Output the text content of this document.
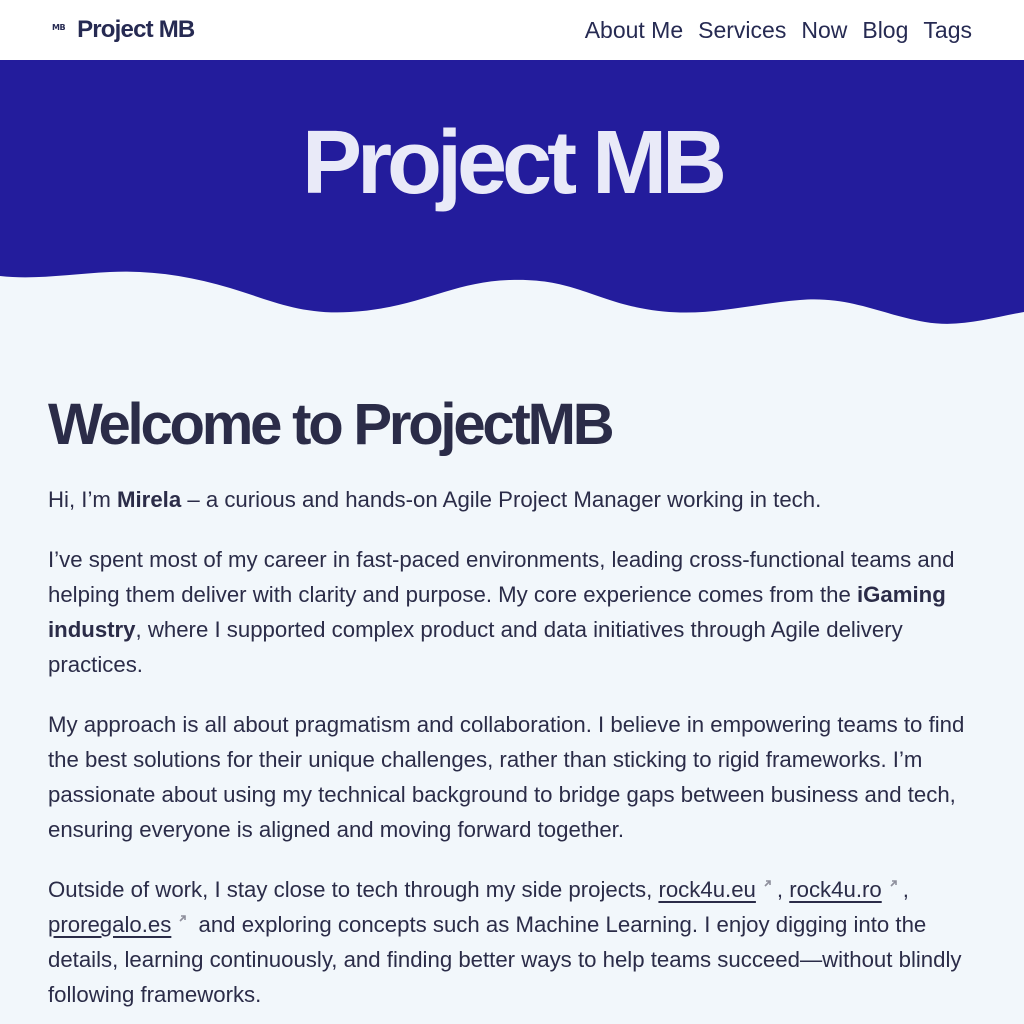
MB Project MB	About Me Services Now Blog Tags
Project MB
Welcome to ProjectMB

Hi, I’m Mirela – a curious and hands-on Agile Project Manager working in tech.

I’ve spent most of my career in fast-paced environments, leading cross-functional teams and helping them deliver with clarity and purpose. My core experience comes from the iGaming industry, where I supported complex product and data initiatives through Agile delivery practices.

My approach is all about pragmatism and collaboration. I believe in empowering teams to find the best solutions for their unique challenges, rather than sticking to rigid frameworks. I’m passionate about using my technical background to bridge gaps between business and tech, ensuring everyone is aligned and moving forward together.

Outside of work, I stay close to tech through my side projects, rock4u.eu , rock4u.ro ,
proregalo.es and exploring concepts such as Machine Learning. I enjoy digging into the details, learning continuously, and finding better ways to help teams succeed—without blindly following frameworks.
